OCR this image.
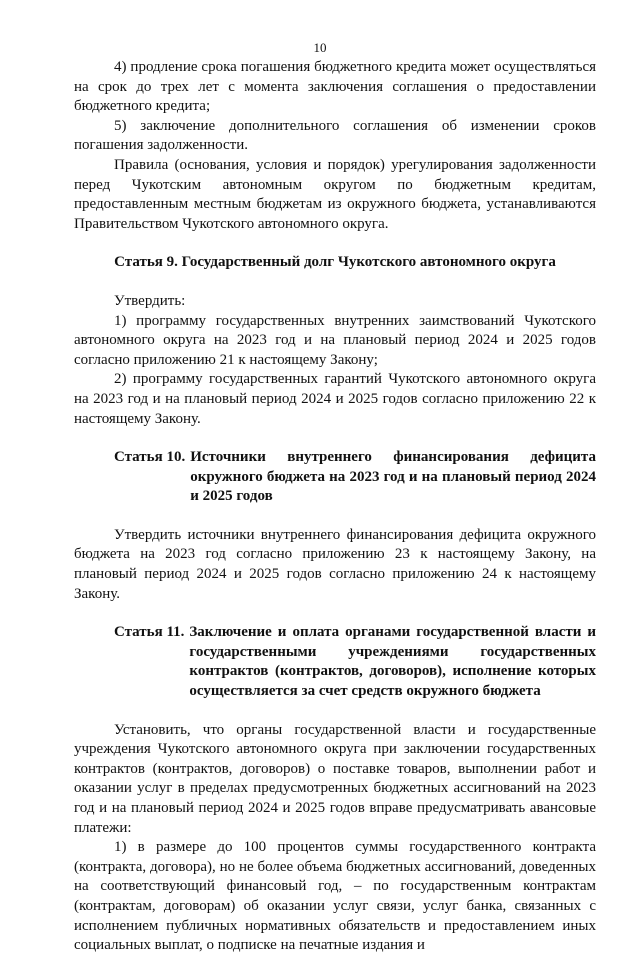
10

4) продление срока погашения бюджетного кредита может осуществляться на срок до трех лет с момента заключения соглашения о предоставлении бюджетного кредита;

5) заключение дополнительного соглашения об изменении сроков погашения задолженности.

Правила (основания, условия и порядок) урегулирования задолженности перед Чукотским автономным округом по бюджетным кредитам, предоставленным местным бюджетам из окружного бюджета, устанавливаются Правительством Чукотского автономного округа.

Статья 9. Государственный долг Чукотского автономного округа

Утвердить:

1) программу государственных внутренних заимствований Чукотского автономного округа на 2023 год и на плановый период 2024 и 2025 годов согласно приложению 21 к настоящему Закону;

2) программу государственных гарантий Чукотского автономного округа на 2023 год и на плановый период 2024 и 2025 годов согласно приложению 22 к настоящему Закону.

Статья 10. Источники внутреннего финансирования дефицита окружного бюджета на 2023 год и на плановый период 2024 и 2025 годов

Утвердить источники внутреннего финансирования дефицита окружного бюджета на 2023 год согласно приложению 23 к настоящему Закону, на плановый период 2024 и 2025 годов согласно приложению 24 к настоящему Закону.

Статья 11. Заключение и оплата органами государственной власти и государственными учреждениями государственных контрактов (контрактов, договоров), исполнение которых осуществляется за счет средств окружного бюджета

Установить, что органы государственной власти и государственные учреждения Чукотского автономного округа при заключении государственных контрактов (контрактов, договоров) о поставке товаров, выполнении работ и оказании услуг в пределах предусмотренных бюджетных ассигнований на 2023 год и на плановый период 2024 и 2025 годов вправе предусматривать авансовые платежи:

1) в размере до 100 процентов суммы государственного контракта (контракта, договора), но не более объема бюджетных ассигнований, доведенных на соответствующий финансовый год, – по государственным контрактам (контрактам, договорам) об оказании услуг связи, услуг банка, связанных с исполнением публичных нормативных обязательств и предоставлением иных социальных выплат, о подписке на печатные издания и
